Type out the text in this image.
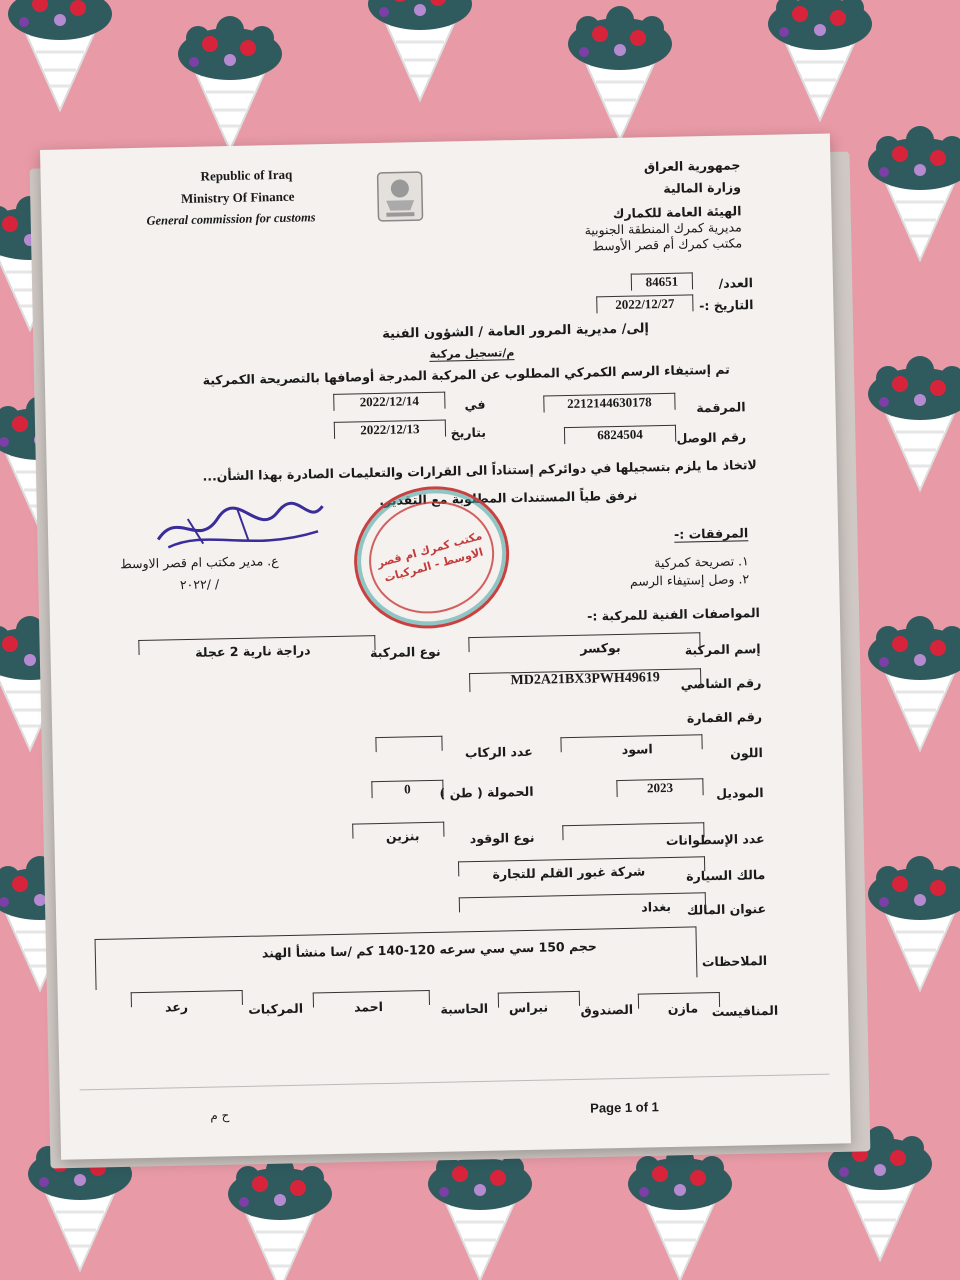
Republic of Iraq
Ministry Of Finance
General commission for customs
جمهورية العراق
وزارة المالية
الهيئة العامة للكمارك
مديرية كمرك المنطقة الجنوبية
مكتب كمرك أم قصر الأوسط
العدد/
84651
التاريخ :-
2022/12/27
إلى/ مديرية المرور العامة / الشؤون الفنية
م/تسجيل مركبة
تم إستيفاء الرسم الكمركي المطلوب عن المركبة المدرجة أوصافها بالتصريحة الكمركية
المرقمة
2212144630178
في
2022/12/14
رقم الوصل
6824504
بتاريخ
2022/12/13
لاتخاذ ما يلزم بتسجيلها في دوائركم إستناداً الى القرارات والتعليمات الصادرة بهذا الشأن...
نرفق طياً المستندات المطلوبة مع التقدير.
ع. مدير مكتب ام قصر الاوسط
/ /٢٠٢٢
مكتب كمرك ام قصر الاوسط - المركبات
المرفقات :-
١. تصريحة كمركية
٢. وصل إستيفاء الرسم
المواصفات الفنية للمركبة :-
إسم المركبة
بوكسر
نوع المركبة
دراجة نارية 2 عجلة
رقم الشاصي
MD2A21BX3PWH49619
رقم القمارة
اللون
اسود
عدد الركاب
الموديل
2023
الحمولة ( طن )
0
عدد الإسطوانات
نوع الوقود
بنزين
مالك السيارة
شركة غبور القلم للتجارة
عنوان المالك
بغداد
الملاحظات
حجم 150 سي سي سرعه 120-140 كم /سا منشأ الهند
المنافيست
مازن
الصندوق
نبراس
الحاسبة
احمد
المركبات
رعد
Page 1 of 1
ح م
